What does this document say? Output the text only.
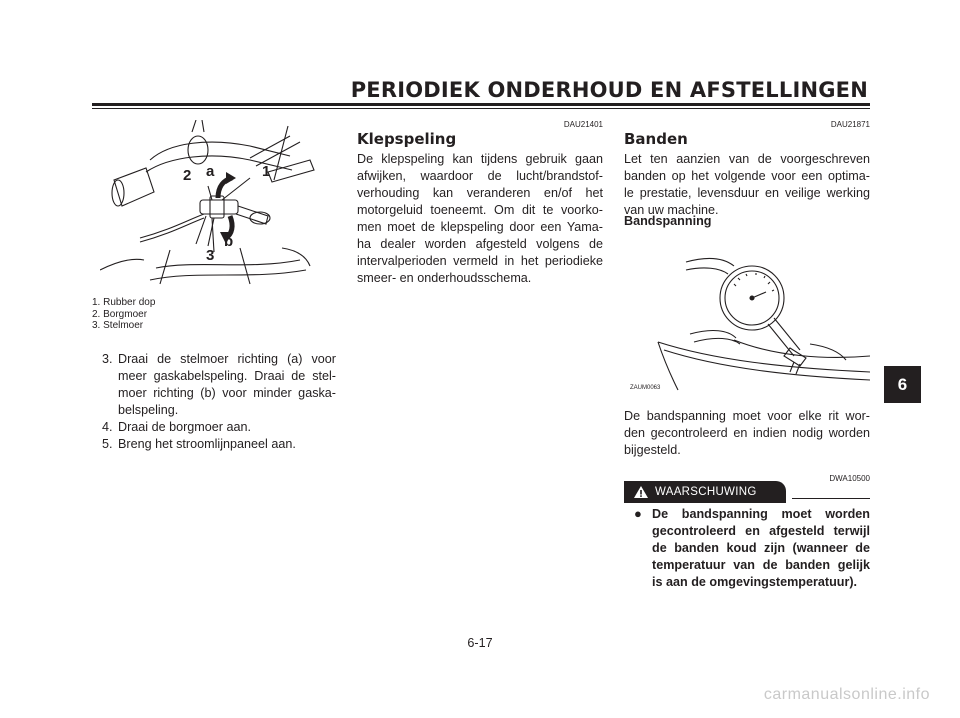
PERIODIEK ONDERHOUD EN AFSTELLINGEN
1
2
3
a
b
1. Rubber dop
2. Borgmoer
3. Stelmoer
3. Draai de stelmoer richting (a) voor
meer gaskabelspeling. Draai de stel-
moer richting (b) voor minder gaska-
belspeling.
4. Draai de borgmoer aan.
5. Breng het stroomlijnpaneel aan.
DAU21401
Klepspeling
De klepspeling kan tijdens gebruik gaan
afwijken, waardoor de lucht/brandstof-
verhouding kan veranderen en/of het
motorgeluid toeneemt. Om dit te voorko-
men moet de klepspeling door een Yama-
ha dealer worden afgesteld volgens de
intervalperioden vermeld in het periodieke
smeer- en onderhoudsschema.
DAU21871
Banden
Let ten aanzien van de voorgeschreven
banden op het volgende voor een optima-
le prestatie, levensduur en veilige werking
van uw machine.
Bandspanning
ZAUM0063
De bandspanning moet voor elke rit wor-
den gecontroleerd en indien nodig worden
bijgesteld.
DWA10500
WAARSCHUWING
● De bandspanning moet worden
gecontroleerd en afgesteld terwijl
de banden koud zijn (wanneer de
temperatuur van de banden gelijk
is aan de omgevingstemperatuur).
6
6-17
carmanualsonline.info
